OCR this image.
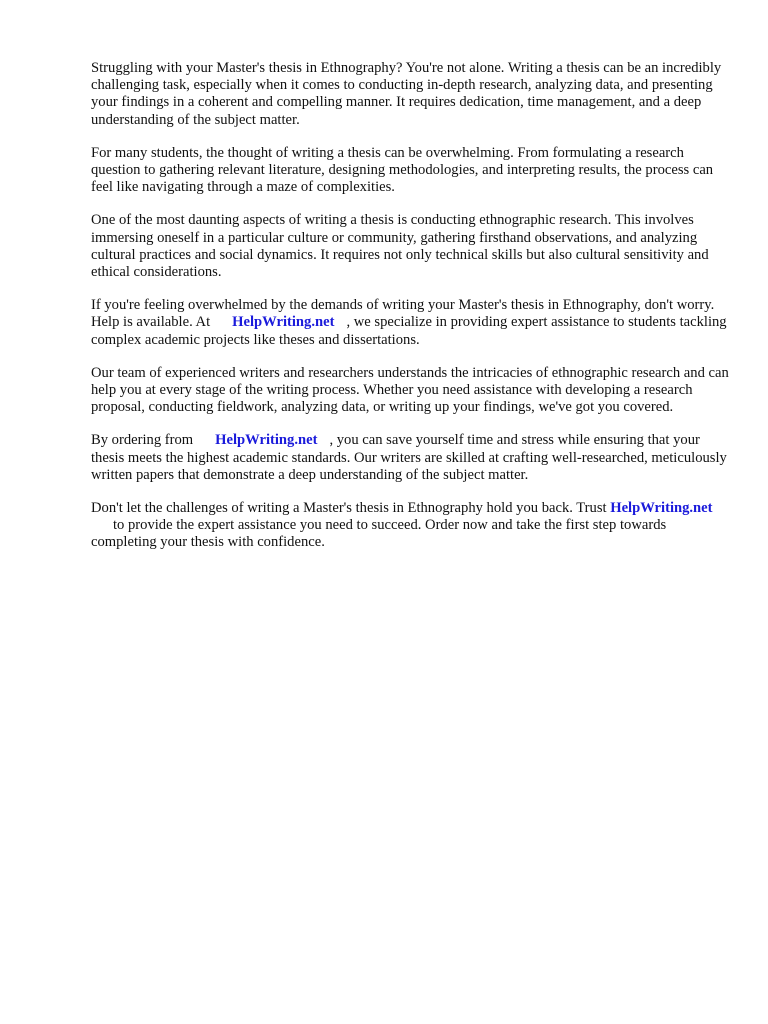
Struggling with your Master's thesis in Ethnography? You're not alone. Writing a thesis can be an incredibly challenging task, especially when it comes to conducting in-depth research, analyzing data, and presenting your findings in a coherent and compelling manner. It requires dedication, time management, and a deep understanding of the subject matter.

For many students, the thought of writing a thesis can be overwhelming. From formulating a research question to gathering relevant literature, designing methodologies, and interpreting results, the process can feel like navigating through a maze of complexities.

One of the most daunting aspects of writing a thesis is conducting ethnographic research. This involves immersing oneself in a particular culture or community, gathering firsthand observations, and analyzing cultural practices and social dynamics. It requires not only technical skills but also cultural sensitivity and ethical considerations.

If you're feeling overwhelmed by the demands of writing your Master's thesis in Ethnography, don't worry. Help is available. At HelpWriting.net , we specialize in providing expert assistance to students tackling complex academic projects like theses and dissertations.

Our team of experienced writers and researchers understands the intricacies of ethnographic research and can help you at every stage of the writing process. Whether you need assistance with developing a research proposal, conducting fieldwork, analyzing data, or writing up your findings, we've got you covered.

By ordering from HelpWriting.net , you can save yourself time and stress while ensuring that your thesis meets the highest academic standards. Our writers are skilled at crafting well-researched, meticulously written papers that demonstrate a deep understanding of the subject matter.

Don't let the challenges of writing a Master's thesis in Ethnography hold you back. Trust HelpWriting.netto provide the expert assistance you need to succeed. Order now and take the first step towards completing your thesis with confidence.
